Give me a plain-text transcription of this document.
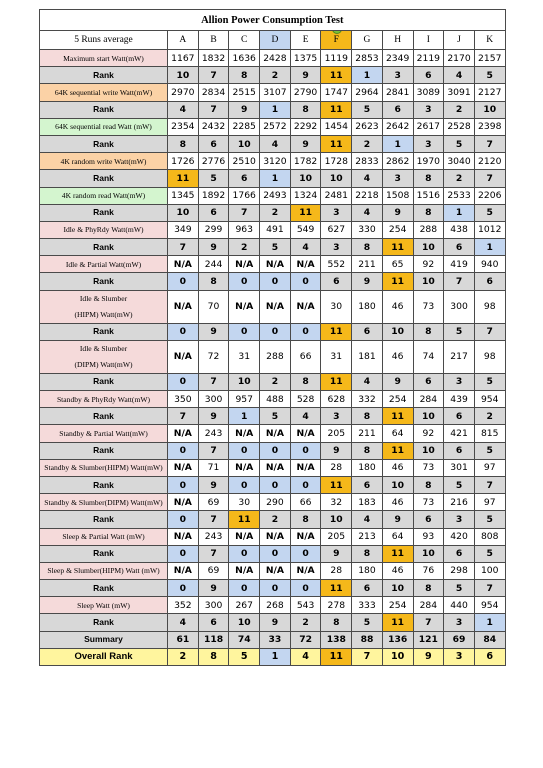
Allion Power Consumption Test											
5 Runs average	A	B	C	D	E	F	G	H	I	J	K
Maximum start Watt(mW)	1167	1832	1636	2428	1375	1119	2853	2349	2119	2170	2157
Rank	10	7	8	2	9	11	1	3	6	4	5
64K sequential write Watt(mW)	2970	2834	2515	3107	2790	1747	2964	2841	3089	3091	2127
Rank	4	7	9	1	8	11	5	6	3	2	10
64K sequential read Watt (mW)	2354	2432	2285	2572	2292	1454	2623	2642	2617	2528	2398
Rank	8	6	10	4	9	11	2	1	3	5	7
4K random write Watt(mW)	1726	2776	2510	3120	1782	1728	2833	2862	1970	3040	2120
Rank	11	5	6	1	10	10	4	3	8	2	7
4K random read Watt(mW)	1345	1892	1766	2493	1324	2481	2218	1508	1516	2533	2206
Rank	10	6	7	2	11	3	4	9	8	1	5
Idle & PhyRdy Watt(mW)	349	299	963	491	549	627	330	254	288	438	1012
Rank	7	9	2	5	4	3	8	11	10	6	1
Idle & Partial Watt(mW)	N/A	244	N/A	N/A	N/A	552	211	65	92	419	940
Rank	0	8	0	0	0	6	9	11	10	7	6

Idle & Slumber
(HIPM) Watt(mW)	N/A	70	N/A	N/A	N/A	30	180	46	73	300	98
Rank	0	9	0	0	0	11	6	10	8	5	7

Idle & Slumber
(DIPM) Watt(mW)	N/A	72	31	288	66	31	181	46	74	217	98
Rank	0	7	10	2	8	11	4	9	6	3	5
Standby & PhyRdy Watt(mW)	350	300	957	488	528	628	332	254	284	439	954
Rank	7	9	1	5	4	3	8	11	10	6	2
Standby & Partial Watt(mW)	N/A	243	N/A	N/A	N/A	205	211	64	92	421	815
Rank	0	7	0	0	0	9	8	11	10	6	5
Standby & Slumber(HIPM) Watt(mW)	N/A	71	N/A	N/A	N/A	28	180	46	73	301	97
Rank	0	9	0	0	0	11	6	10	8	5	7
Standby & Slumber(DIPM) Watt(mW)	N/A	69	30	290	66	32	183	46	73	216	97
Rank	0	7	11	2	8	10	4	9	6	3	5
Sleep & Partial Watt (mW)	N/A	243	N/A	N/A	N/A	205	213	64	93	420	808
Rank	0	7	0	0	0	9	8	11	10	6	5
Sleep & Slumber(HIPM) Watt (mW)	N/A	69	N/A	N/A	N/A	28	180	46	76	298	100
Rank	0	9	0	0	0	11	6	10	8	5	7
Sleep Watt (mW)	352	300	267	268	543	278	333	254	284	440	954
Rank	4	6	10	9	2	8	5	11	7	3	1
Summary	61	118	74	33	72	138	88	136	121	69	84
Overall Rank	2	8	5	1	4	11	7	10	9	3	6
